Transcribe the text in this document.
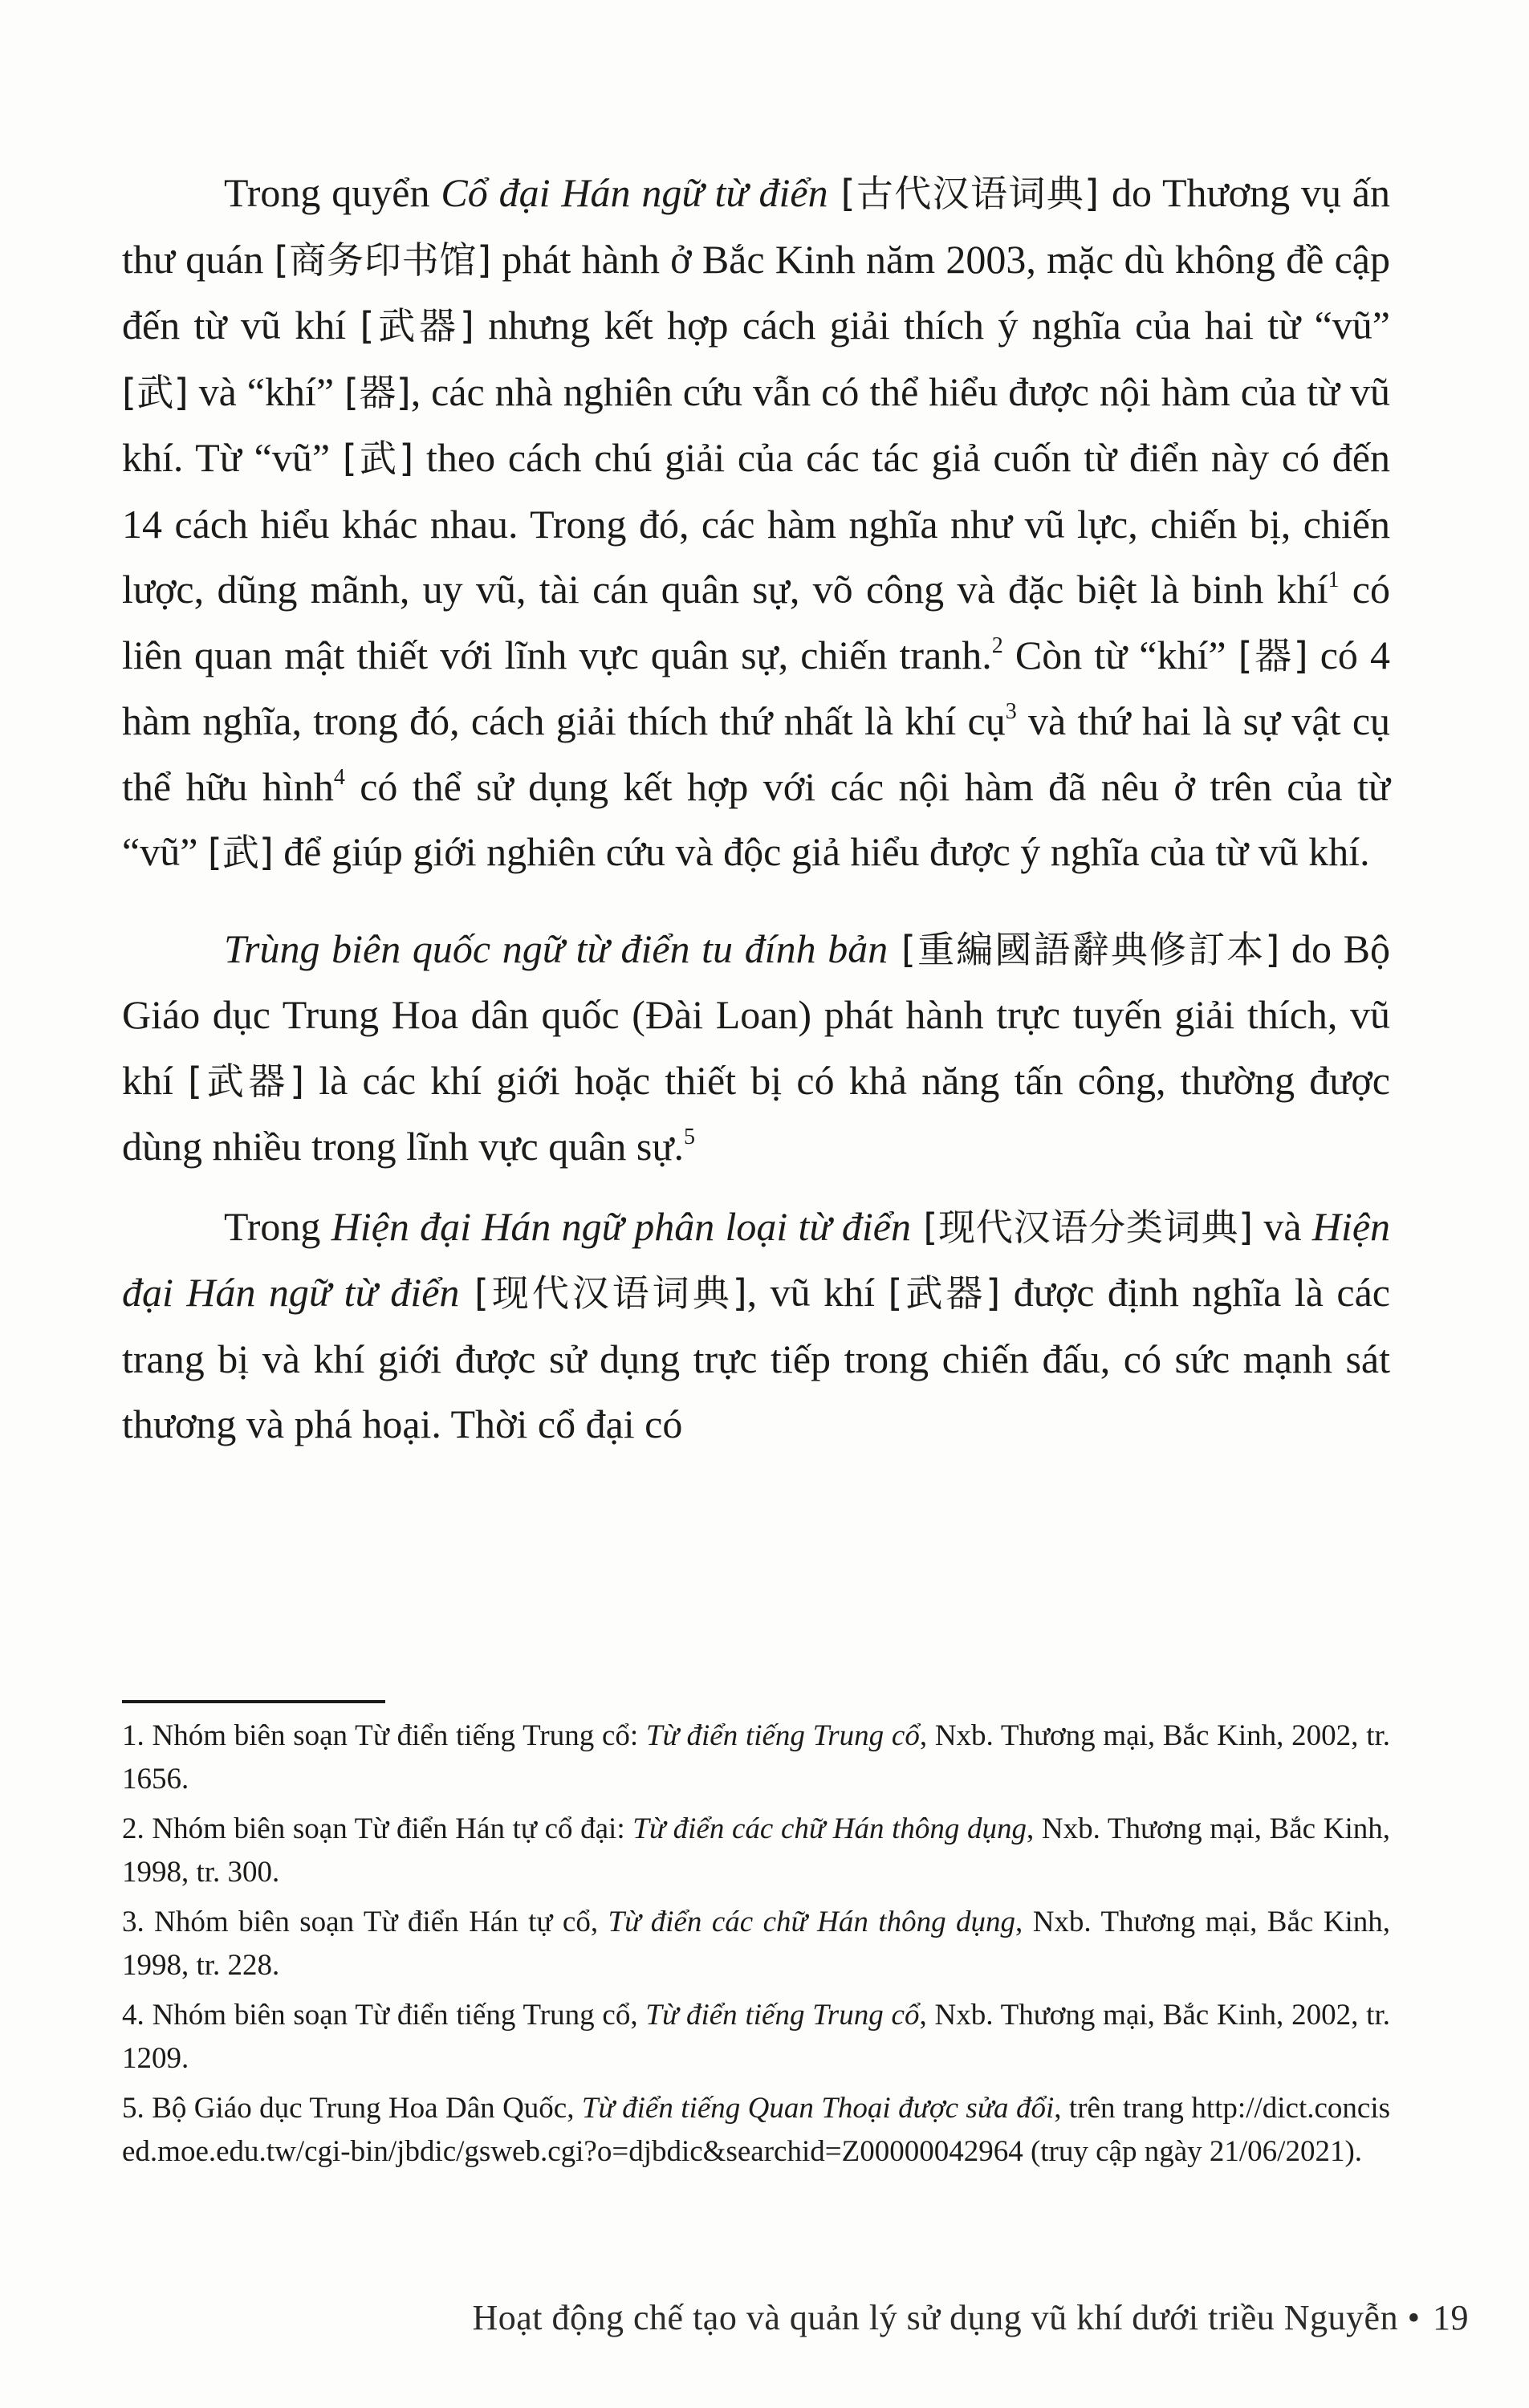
Trong quyển Cổ đại Hán ngữ từ điển [古代汉语词典] do Thương vụ ấn thư quán [商务印书馆] phát hành ở Bắc Kinh năm 2003, mặc dù không đề cập đến từ vũ khí [武器] nhưng kết hợp cách giải thích ý nghĩa của hai từ “vũ” [武] và “khí” [器], các nhà nghiên cứu vẫn có thể hiểu được nội hàm của từ vũ khí. Từ “vũ” [武] theo cách chú giải của các tác giả cuốn từ điển này có đến 14 cách hiểu khác nhau. Trong đó, các hàm nghĩa như vũ lực, chiến bị, chiến lược, dũng mãnh, uy vũ, tài cán quân sự, võ công và đặc biệt là binh khí$^1$ có liên quan mật thiết với lĩnh vực quân sự, chiến tranh.$^2$ Còn từ “khí” [器] có 4 hàm nghĩa, trong đó, cách giải thích thứ nhất là khí cụ$^3$ và thứ hai là sự vật cụ thể hữu hình$^4$ có thể sử dụng kết hợp với các nội hàm đã nêu ở trên của từ “vũ” [武] để giúp giới nghiên cứu và độc giả hiểu được ý nghĩa của từ vũ khí.

Trùng biên quốc ngữ từ điển tu đính bản [重編國語辭典修訂本] do Bộ Giáo dục Trung Hoa dân quốc (Đài Loan) phát hành trực tuyến giải thích, vũ khí [武器] là các khí giới hoặc thiết bị có khả năng tấn công, thường được dùng nhiều trong lĩnh vực quân sự.$^5$

Trong Hiện đại Hán ngữ phân loại từ điển [现代汉语分类词典] và Hiện đại Hán ngữ từ điển [现代汉语词典], vũ khí [武器] được định nghĩa là các trang bị và khí giới được sử dụng trực tiếp trong chiến đấu, có sức mạnh sát thương và phá hoại. Thời cổ đại có

1. Nhóm biên soạn Từ điển tiếng Trung cổ: Từ điển tiếng Trung cổ, Nxb. Thương mại, Bắc Kinh, 2002, tr. 1656.

2. Nhóm biên soạn Từ điển Hán tự cổ đại: Từ điển các chữ Hán thông dụng, Nxb. Thương mại, Bắc Kinh, 1998, tr. 300.

3. Nhóm biên soạn Từ điển Hán tự cổ, Từ điển các chữ Hán thông dụng, Nxb. Thương mại, Bắc Kinh, 1998, tr. 228.

4. Nhóm biên soạn Từ điển tiếng Trung cổ, Từ điển tiếng Trung cổ, Nxb. Thương mại, Bắc Kinh, 2002, tr. 1209.

5. Bộ Giáo dục Trung Hoa Dân Quốc, Từ điển tiếng Quan Thoại được sửa đổi, trên trang http://dict.concised.moe.edu.tw/cgi-bin/jbdic/gsweb.cgi?o=djbdic&searchid=Z00000042964 (truy cập ngày 21/06/2021).

Hoạt động chế tạo và quản lý sử dụng vũ khí dưới triều Nguyễn • 19
